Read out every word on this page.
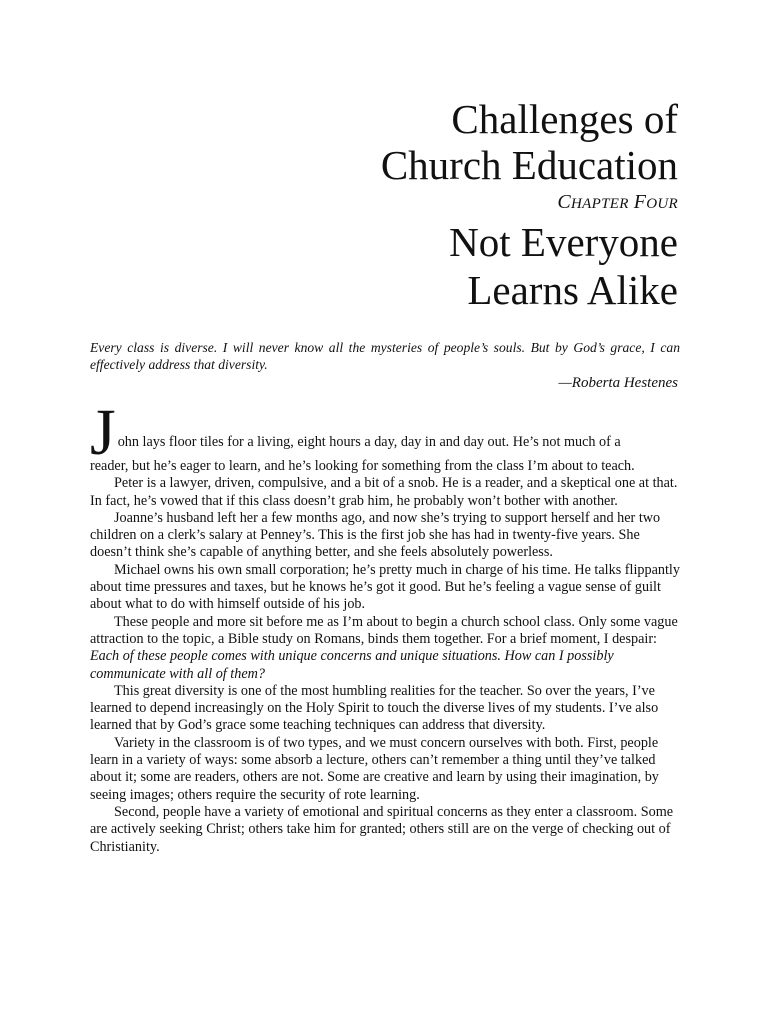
Challenges of
Church Education
CHAPTER FOUR
Not Everyone
Learns Alike
Every class is diverse. I will never know all the mysteries of people’s souls. But by God’s grace, I can effectively address that diversity.
—Roberta Hestenes

J ohn lays floor tiles for a living, eight hours a day, day in and day out. He’s not much of a

reader, but he’s eager to learn, and he’s looking for something from the class I’m about to teach.

Peter is a lawyer, driven, compulsive, and a bit of a snob. He is a reader, and a skeptical one at that. In fact, he’s vowed that if this class doesn’t grab him, he probably won’t bother with another.

Joanne’s husband left her a few months ago, and now she’s trying to support herself and her two children on a clerk’s salary at Penney’s. This is the first job she has had in twenty-five years. She doesn’t think she’s capable of anything better, and she feels absolutely powerless.

Michael owns his own small corporation; he’s pretty much in charge of his time. He talks flippantly about time pressures and taxes, but he knows he’s got it good. But he’s feeling a vague sense of guilt about what to do with himself outside of his job.

These people and more sit before me as I’m about to begin a church school class. Only some vague attraction to the topic, a Bible study on Romans, binds them together. For a brief moment, I despair: Each of these people comes with unique concerns and unique situations. How can I possibly communicate with all of them?

This great diversity is one of the most humbling realities for the teacher. So over the years, I’ve learned to depend increasingly on the Holy Spirit to touch the diverse lives of my students. I’ve also learned that by God’s grace some teaching techniques can address that diversity.

Variety in the classroom is of two types, and we must concern ourselves with both. First, people learn in a variety of ways: some absorb a lecture, others can’t remember a thing until they’ve talked about it; some are readers, others are not. Some are creative and learn by using their imagination, by seeing images; others require the security of rote learning.

Second, people have a variety of emotional and spiritual concerns as they enter a classroom. Some are actively seeking Christ; others take him for granted; others still are on the verge of checking out of Christianity.
